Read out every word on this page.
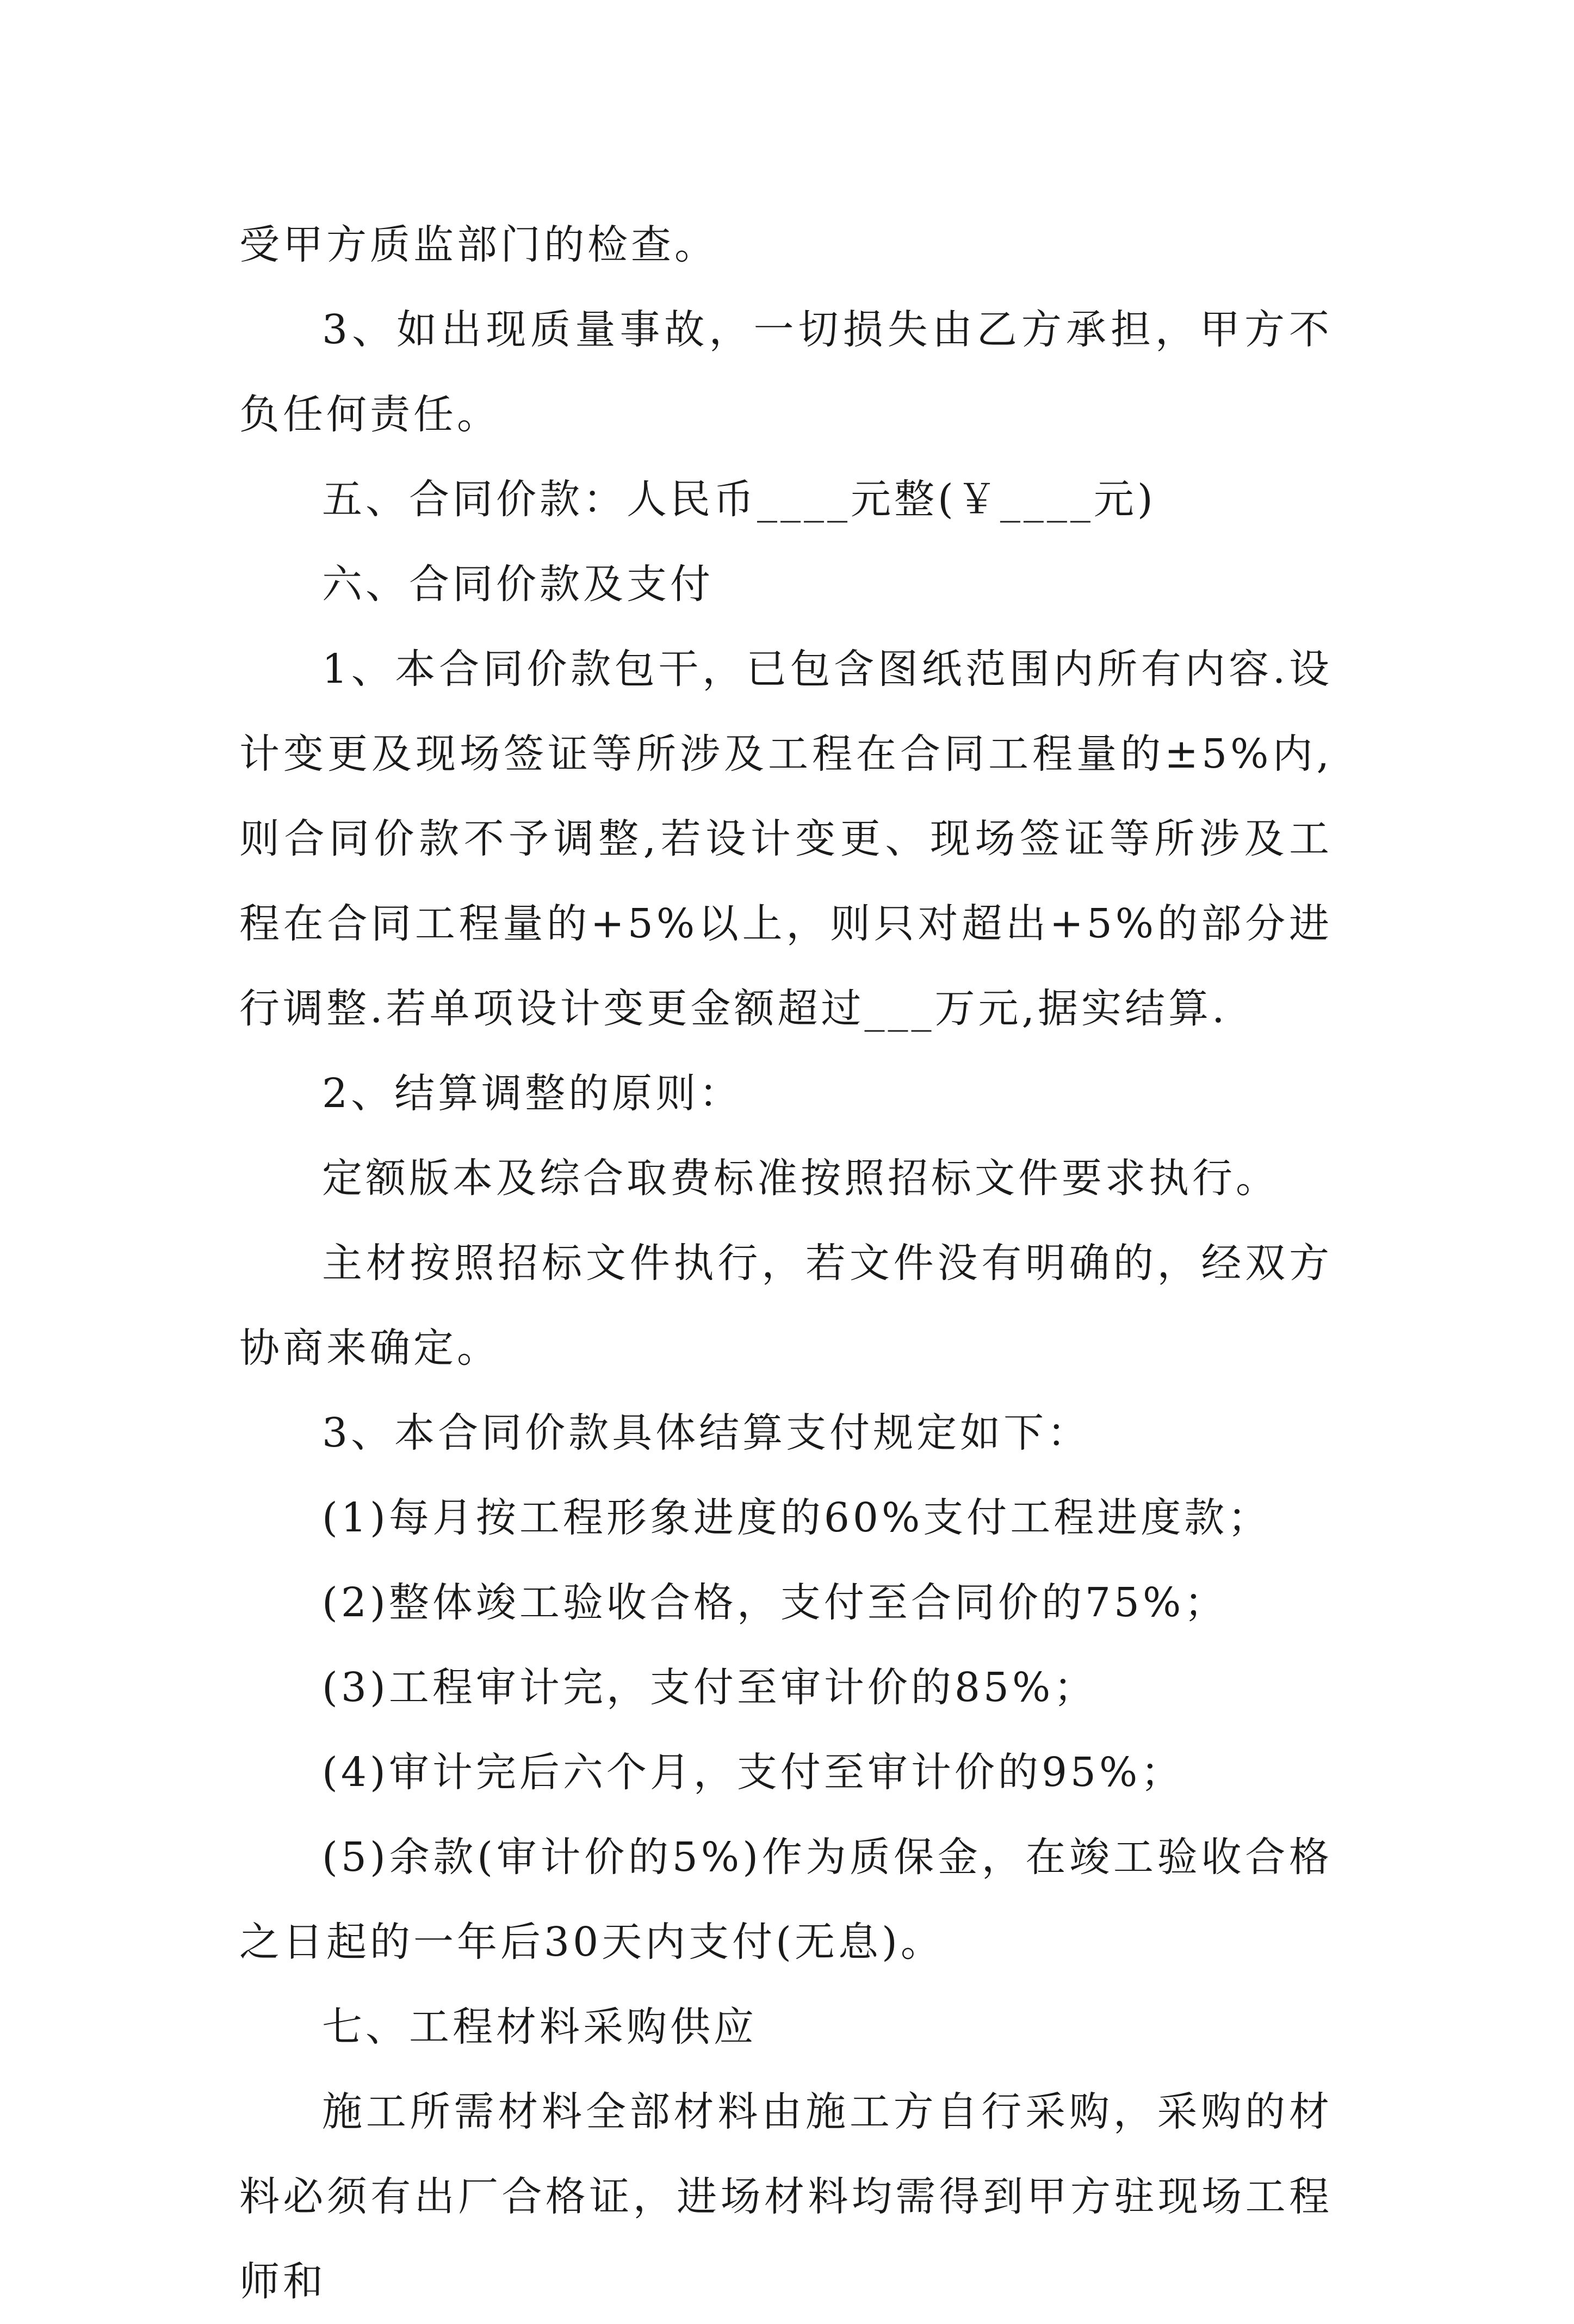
受甲方质监部门的检查。

3、如出现质量事故，一切损失由乙方承担，甲方不负任何责任。

五、合同价款：人民币____元整(￥____元)

六、合同价款及支付

1、本合同价款包干，已包含图纸范围内所有内容.设计变更及现场签证等所涉及工程在合同工程量的±5%内,则合同价款不予调整,若设计变更、现场签证等所涉及工程在合同工程量的+5%以上，则只对超出+5%的部分进行调整.若单项设计变更金额超过___万元,据实结算.

2、结算调整的原则：

定额版本及综合取费标准按照招标文件要求执行。

主材按照招标文件执行，若文件没有明确的，经双方协商来确定。

3、本合同价款具体结算支付规定如下：

(1)每月按工程形象进度的60%支付工程进度款；

(2)整体竣工验收合格，支付至合同价的75%；

(3)工程审计完，支付至审计价的85%；

(4)审计完后六个月，支付至审计价的95%；

(5)余款(审计价的5%)作为质保金，在竣工验收合格之日起的一年后30天内支付(无息)。

七、工程材料采购供应

施工所需材料全部材料由施工方自行采购，采购的材料必须有出厂合格证，进场材料均需得到甲方驻现场工程师和
